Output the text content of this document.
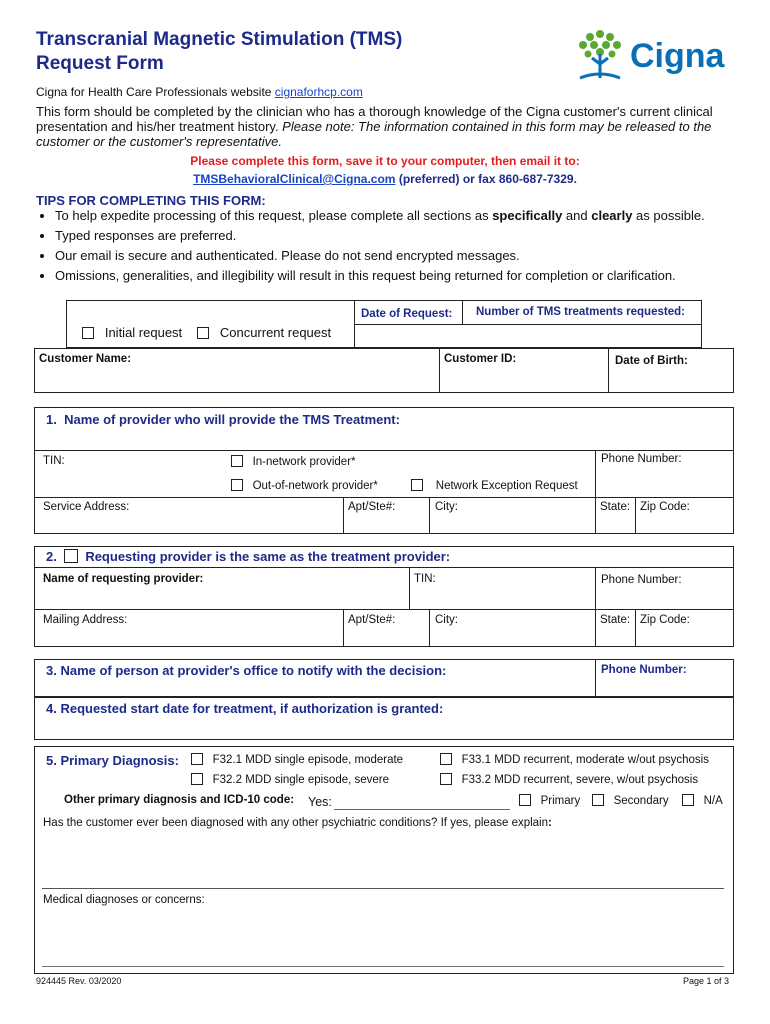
Transcranial Magnetic Stimulation (TMS)
Request Form	Cigna
Cigna for Health Care Professionals website cignaforhcp.com
This form should be completed by the clinician who has a thorough knowledge of the Cigna customer's current clinical presentation and his/her treatment history. Please note: The information contained in this form may be released to the customer or the customer's representative.
Please complete this form, save it to your computer, then email it to:
TMSBehavioralClinical@Cigna.com (preferred) or fax 860-687-7329.
TIPS FOR COMPLETING THIS FORM:
• To help expedite processing of this request, please complete all sections as specifically and clearly as possible.
• Typed responses are preferred.
• Our email is secure and authenticated. Please do not send encrypted messages.
• Omissions, generalities, and illegibility will result in this request being returned for completion or clarification.
Initial request	Concurrent request
Date of Request: Number of TMS treatments requested:
Customer Name:	Customer ID:	Date of Birth:
1. Name of provider who will provide the TMS Treatment:
TIN:	In-network provider*
Out-of-network provider*	Network Exception Request
Phone Number:
Service Address:	Apt/Ste#:	City:	State: Zip Code:
2. Requesting provider is the same as the treatment provider:
Name of requesting provider:	TIN:	Phone Number:
Mailing Address:	Apt/Ste#:	City:	State: Zip Code:
3. Name of person at provider's office to notify with the decision:	Phone Number:
4. Requested start date for treatment, if authorization is granted:
5. Primary Diagnosis:	F32.1 MDD single episode, moderate	F33.1 MDD recurrent, moderate w/out psychosis
F32.2 MDD single episode, severe	F33.2 MDD recurrent, severe, w/out psychosis
Other primary diagnosis and ICD-10 code: Yes:	Primary	Secondary	N/A
Has the customer ever been diagnosed with any other psychiatric conditions? If yes, please explain:
Medical diagnoses or concerns:
924445 Rev. 03/2020	Page 1 of 3
